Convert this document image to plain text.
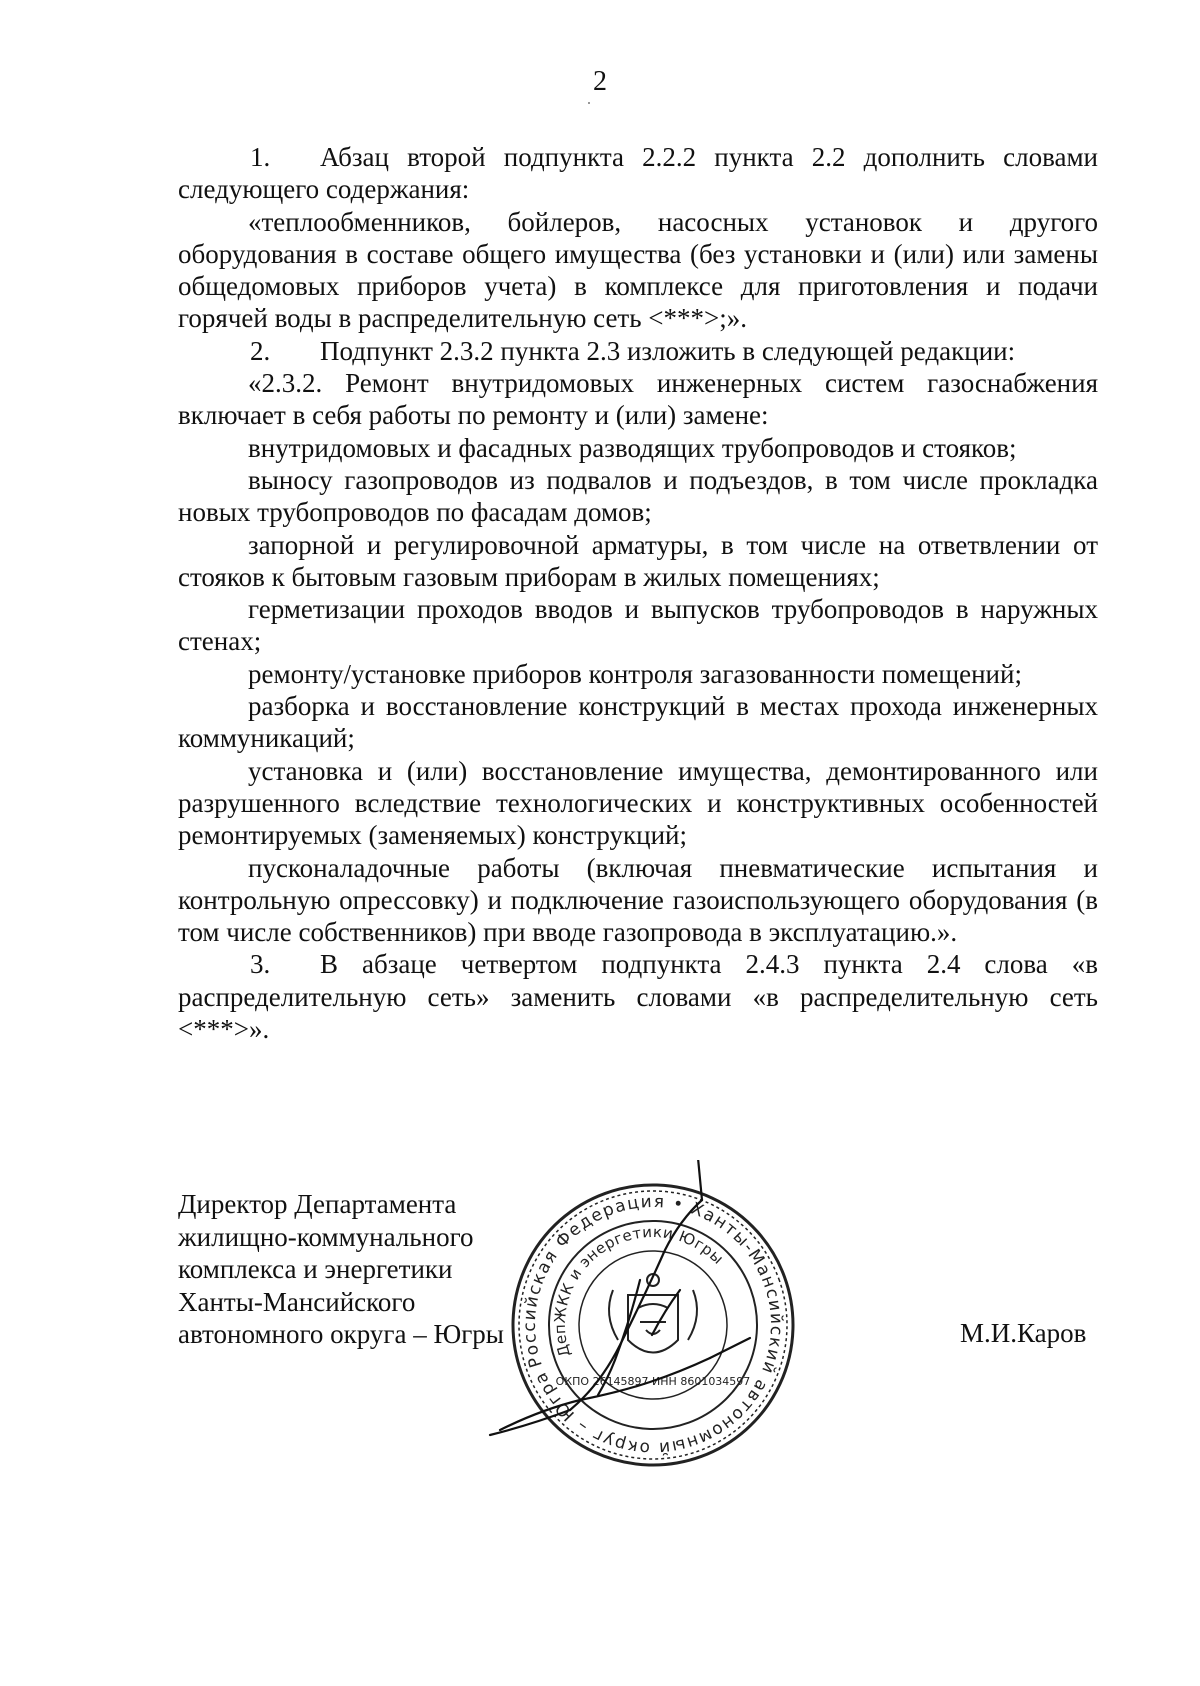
2

1. Абзац второй подпункта 2.2.2 пункта 2.2 дополнить словами следующего содержания:

«теплообменников, бойлеров, насосных установок и другого оборудования в составе общего имущества (без установки и (или) или замены общедомовых приборов учета) в комплексе для приготовления и подачи горячей воды в распределительную сеть <***>;».

2. Подпункт 2.3.2 пункта 2.3 изложить в следующей редакции:

«2.3.2. Ремонт внутридомовых инженерных систем газоснабжения включает в себя работы по ремонту и (или) замене:

внутридомовых и фасадных разводящих трубопроводов и стояков;

выносу газопроводов из подвалов и подъездов, в том числе прокладка новых трубопроводов по фасадам домов;

запорной и регулировочной арматуры, в том числе на ответвлении от стояков к бытовым газовым приборам в жилых помещениях;

герметизации проходов вводов и выпусков трубопроводов в наружных стенах;

ремонту/установке приборов контроля загазованности помещений;

разборка и восстановление конструкций в местах прохода инженерных коммуникаций;

установка и (или) восстановление имущества, демонтированного или разрушенного вследствие технологических и конструктивных особенностей ремонтируемых (заменяемых) конструкций;

пусконаладочные работы (включая пневматические испытания и контрольную опрессовку) и подключение газоиспользующего оборудования (в том числе собственников) при вводе газопровода в эксплуатацию.».

3. В абзаце четвертом подпункта 2.4.3 пункта 2.4 слова «в распределительную сеть» заменить словами «в распределительную сеть <***>».

Директор Департамента
жилищно-коммунального
комплекса и энергетики
Ханты-Мансийского
автономного округа – Югры	М.И.Каров
Российская Федерация • Ханты-Мансийский автономный округ – Югра
ДепЖКК и энергетики Югры
ОКПО 26145897 ИНН 8601034597
